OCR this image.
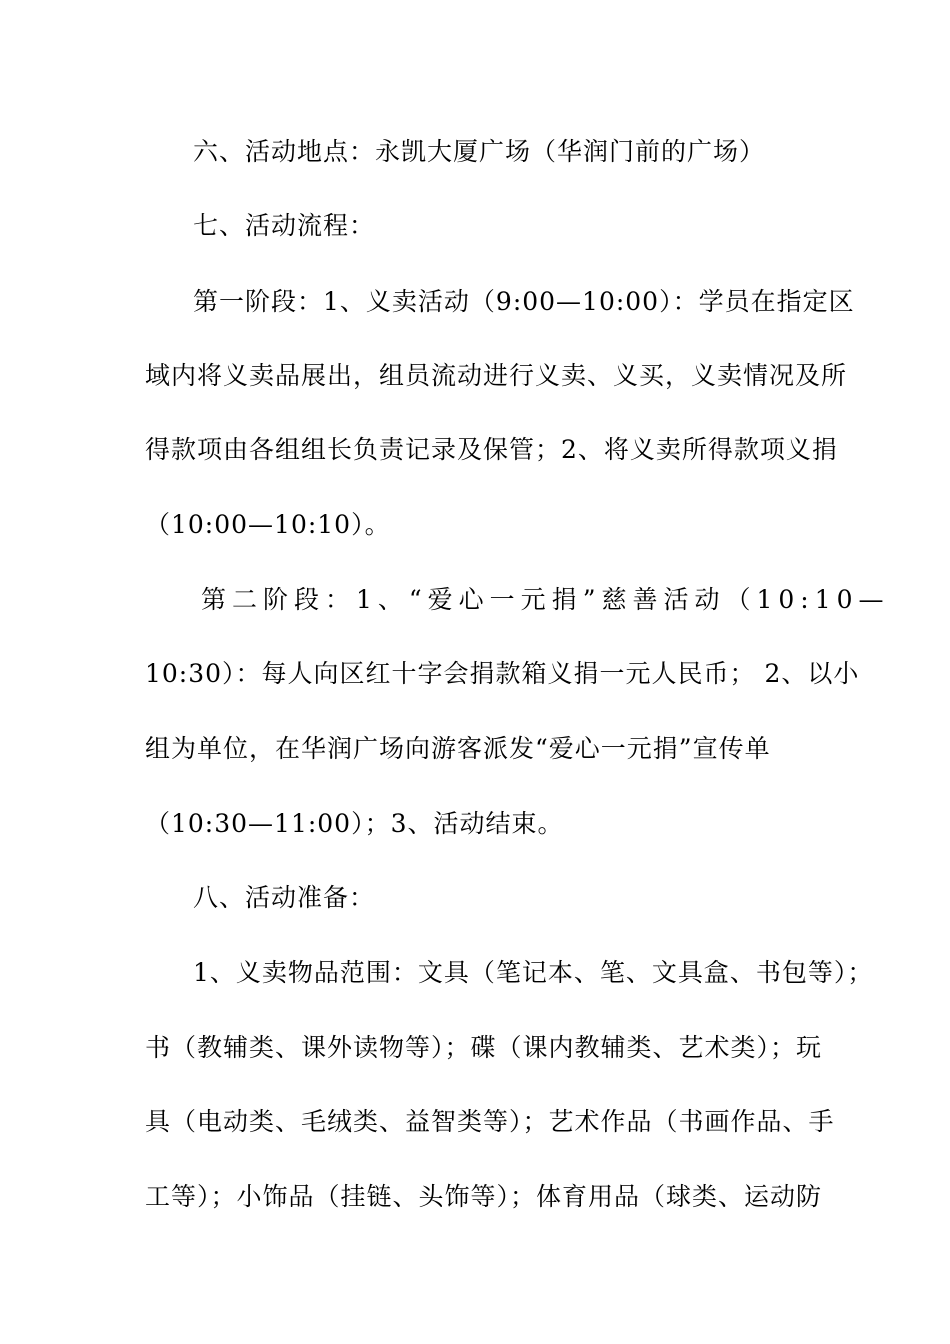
六、活动地点：永凯大厦广场（华润门前的广场）
七、活动流程：
第一阶段：1、义卖活动（9:00—10:00）：学员在指定区
域内将义卖品展出，组员流动进行义卖、义买，义卖情况及所
得款项由各组组长负责记录及保管；2、将义卖所得款项义捐
（10:00—10:10）。
第二阶段：1、“爱心一元捐”慈善活动（10:10—
10:30）：每人向区红十字会捐款箱义捐一元人民币； 2、以小
组为单位，在华润广场向游客派发“爱心一元捐”宣传单
（10:30—11:00）；3、活动结束。
八、活动准备：
1、义卖物品范围：文具（笔记本、笔、文具盒、书包等）；
书（教辅类、课外读物等）；碟（课内教辅类、艺术类）；玩
具（电动类、毛绒类、益智类等）；艺术作品（书画作品、手
工等）；小饰品（挂链、头饰等）；体育用品（球类、运动防
